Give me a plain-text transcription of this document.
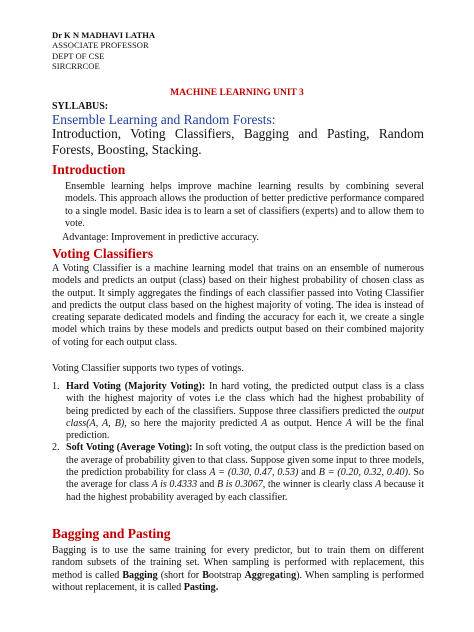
Dr K N MADHAVI LATHA
ASSOCIATE PROFESSOR
DEPT OF CSE
SIRCRRCOE
MACHINE LEARNING UNIT 3
SYLLABUS:
Ensemble Learning and Random Forests:
Introduction, Voting Classifiers, Bagging and Pasting, Random Forests, Boosting, Stacking.
Introduction
Ensemble learning helps improve machine learning results by combining several models. This approach allows the production of better predictive performance compared to a single model. Basic idea is to learn a set of classifiers (experts) and to allow them to vote.
Advantage: Improvement in predictive accuracy.
Voting Classifiers
A Voting Classifier is a machine learning model that trains on an ensemble of numerous models and predicts an output (class) based on their highest probability of chosen class as the output. It simply aggregates the findings of each classifier passed into Voting Classifier and predicts the output class based on the highest majority of voting. The idea is instead of creating separate dedicated models and finding the accuracy for each it, we create a single model which trains by these models and predicts output based on their combined majority of voting for each output class.
Voting Classifier supports two types of votings.
1. Hard Voting (Majority Voting): In hard voting, the predicted output class is a class with the highest majority of votes i.e the class which had the highest probability of being predicted by each of the classifiers. Suppose three classifiers predicted the output class(A, A, B), so here the majority predicted A as output. Hence A will be the final prediction.
2. Soft Voting (Average Voting): In soft voting, the output class is the prediction based on the average of probability given to that class. Suppose given some input to three models, the prediction probability for class A = (0.30, 0.47, 0.53) and B = (0.20, 0.32, 0.40). So the average for class A is 0.4333 and B is 0.3067, the winner is clearly class A because it had the highest probability averaged by each classifier.
Bagging and Pasting
Bagging is to use the same training for every predictor, but to train them on different random subsets of the training set. When sampling is performed with replacement, this method is called Bagging (short for Bootstrap Aggregating). When sampling is performed without replacement, it is called Pasting.
